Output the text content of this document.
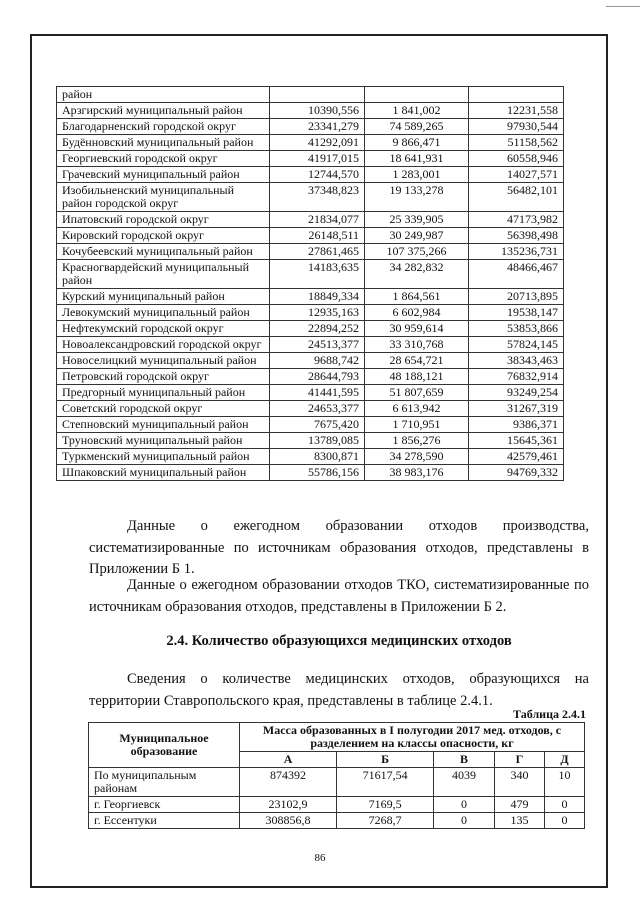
район			
Арзгирский муниципальный район	10390,556	1 841,002	12231,558
Благодарненский городской округ	23341,279	74 589,265	97930,544
Будённовский муниципальный район	41292,091	9 866,471	51158,562
Георгиевский городской округ	41917,015	18 641,931	60558,946
Грачевский муниципальный район	12744,570	1 283,001	14027,571
Изобильненский муниципальный район городской округ	37348,823	19 133,278	56482,101
Ипатовский городской округ	21834,077	25 339,905	47173,982
Кировский городской округ	26148,511	30 249,987	56398,498
Кочубеевский муниципальный район	27861,465	107 375,266	135236,731
Красногвардейский муниципальный район	14183,635	34 282,832	48466,467
Курский муниципальный район	18849,334	1 864,561	20713,895
Левокумский муниципальный район	12935,163	6 602,984	19538,147
Нефтекумский городской округ	22894,252	30 959,614	53853,866
Новоалександровский городской округ	24513,377	33 310,768	57824,145
Новоселицкий муниципальный район	9688,742	28 654,721	38343,463
Петровский городской округ	28644,793	48 188,121	76832,914
Предгорный муниципальный район	41441,595	51 807,659	93249,254
Советский городской округ	24653,377	6 613,942	31267,319
Степновский муниципальный район	7675,420	1 710,951	9386,371
Труновский муниципальный район	13789,085	1 856,276	15645,361
Туркменский муниципальный район	8300,871	34 278,590	42579,461
Шпаковский муниципальный район	55786,156	38 983,176	94769,332
Данные о ежегодном образовании отходов производства, систематизированные по источникам образования отходов, представлены в Приложении Б 1.
Данные о ежегодном образовании отходов ТКО, систематизированные по источникам образования отходов, представлены в Приложении Б 2.
2.4. Количество образующихся медицинских отходов
Сведения о количестве медицинских отходов, образующихся на территории Ставропольского края, представлены в таблице 2.4.1.
Таблица 2.4.1
Муниципальное образование	Масса образованных в I полугодии 2017 мед. отходов, с разделением на классы опасности, кг				
	А	Б	В	Г	Д
По муниципальным районам	874392	71617,54	4039	340	10
г. Георгиевск	23102,9	7169,5	0	479	0
г. Ессентуки	308856,8	7268,7	0	135	0
86
